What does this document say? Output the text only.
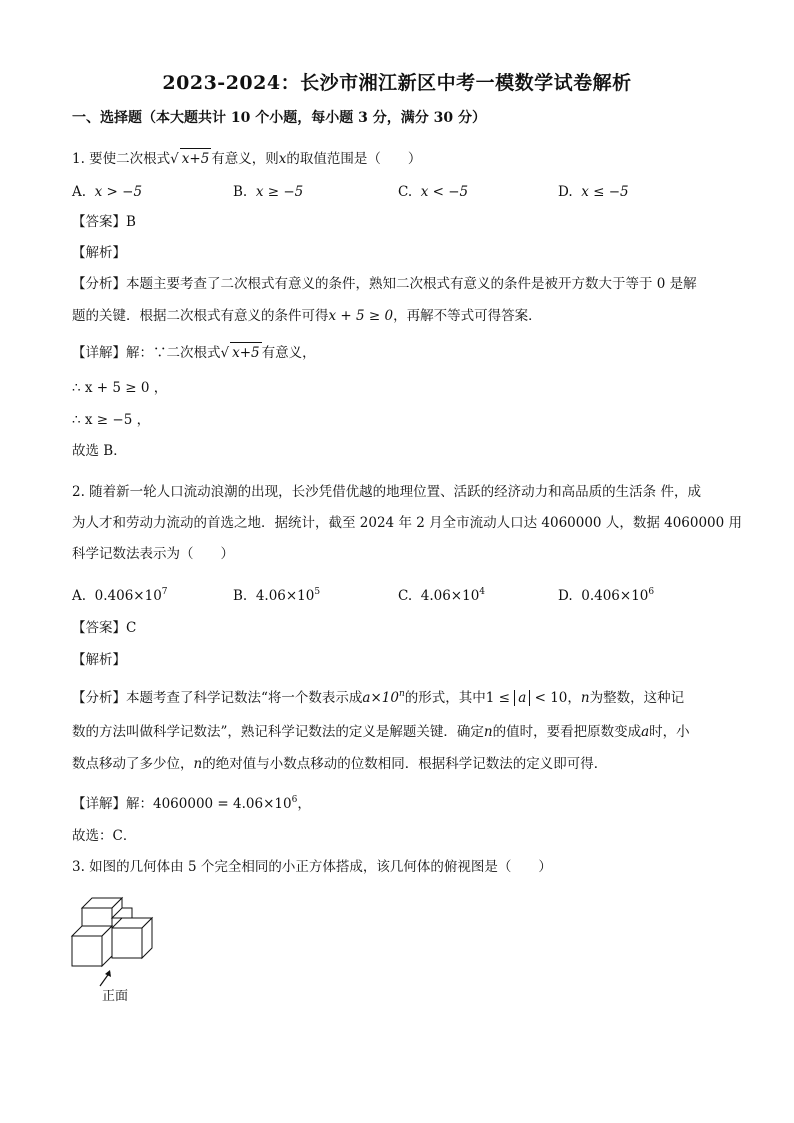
2023-2024：长沙市湘江新区中考一模数学试卷解析
一、选择题（本大题共计 10 个小题，每小题 3 分，满分 30 分）
1. 要使二次根式√ x+5 有意义，则x的取值范围是（　　）
A. x > −5	B. x ≥ −5	C. x < −5	D. x ≤ −5
【答案】B
【解析】
【分析】本题主要考查了二次根式有意义的条件，熟知二次根式有意义的条件是被开方数大于等于 0 是解
题的关键．根据二次根式有意义的条件可得x + 5 ≥ 0，再解不等式可得答案．
【详解】解：∵二次根式√ x+5 有意义，
∴ x + 5 ≥ 0 ，
∴ x ≥ −5 ，
故选 B．
2. 随着新一轮人口流动浪潮的出现，长沙凭借优越的地理位置、活跃的经济动力和高品质的生活条 件，成
为人才和劳动力流动的首选之地．据统计，截至 2024 年 2 月全市流动人口达 4060000 人，数据 4060000 用
科学记数法表示为（　　）
A. $0.406\times 10^7$	B. $4.06\times 10^5$	C. $4.06\times 10^4$	D. $0.406\times 10^6$
【答案】C
【解析】
【分析】本题考查了科学记数法“将一个数表示成$a\times 10^n$的形式，其中1 ≤ a < 10，n为整数，这种记
数的方法叫做科学记数法”，熟记科学记数法的定义是解题关键．确定n的值时，要看把原数变成a时，小
数点移动了多少位，n的绝对值与小数点移动的位数相同．根据科学记数法的定义即可得．
【详解】解：$4060000 = 4.06\times 10^6$，
故选：C．
3. 如图的几何体由 5 个完全相同的小正方体搭成，该几何体的俯视图是（　　）
正面
